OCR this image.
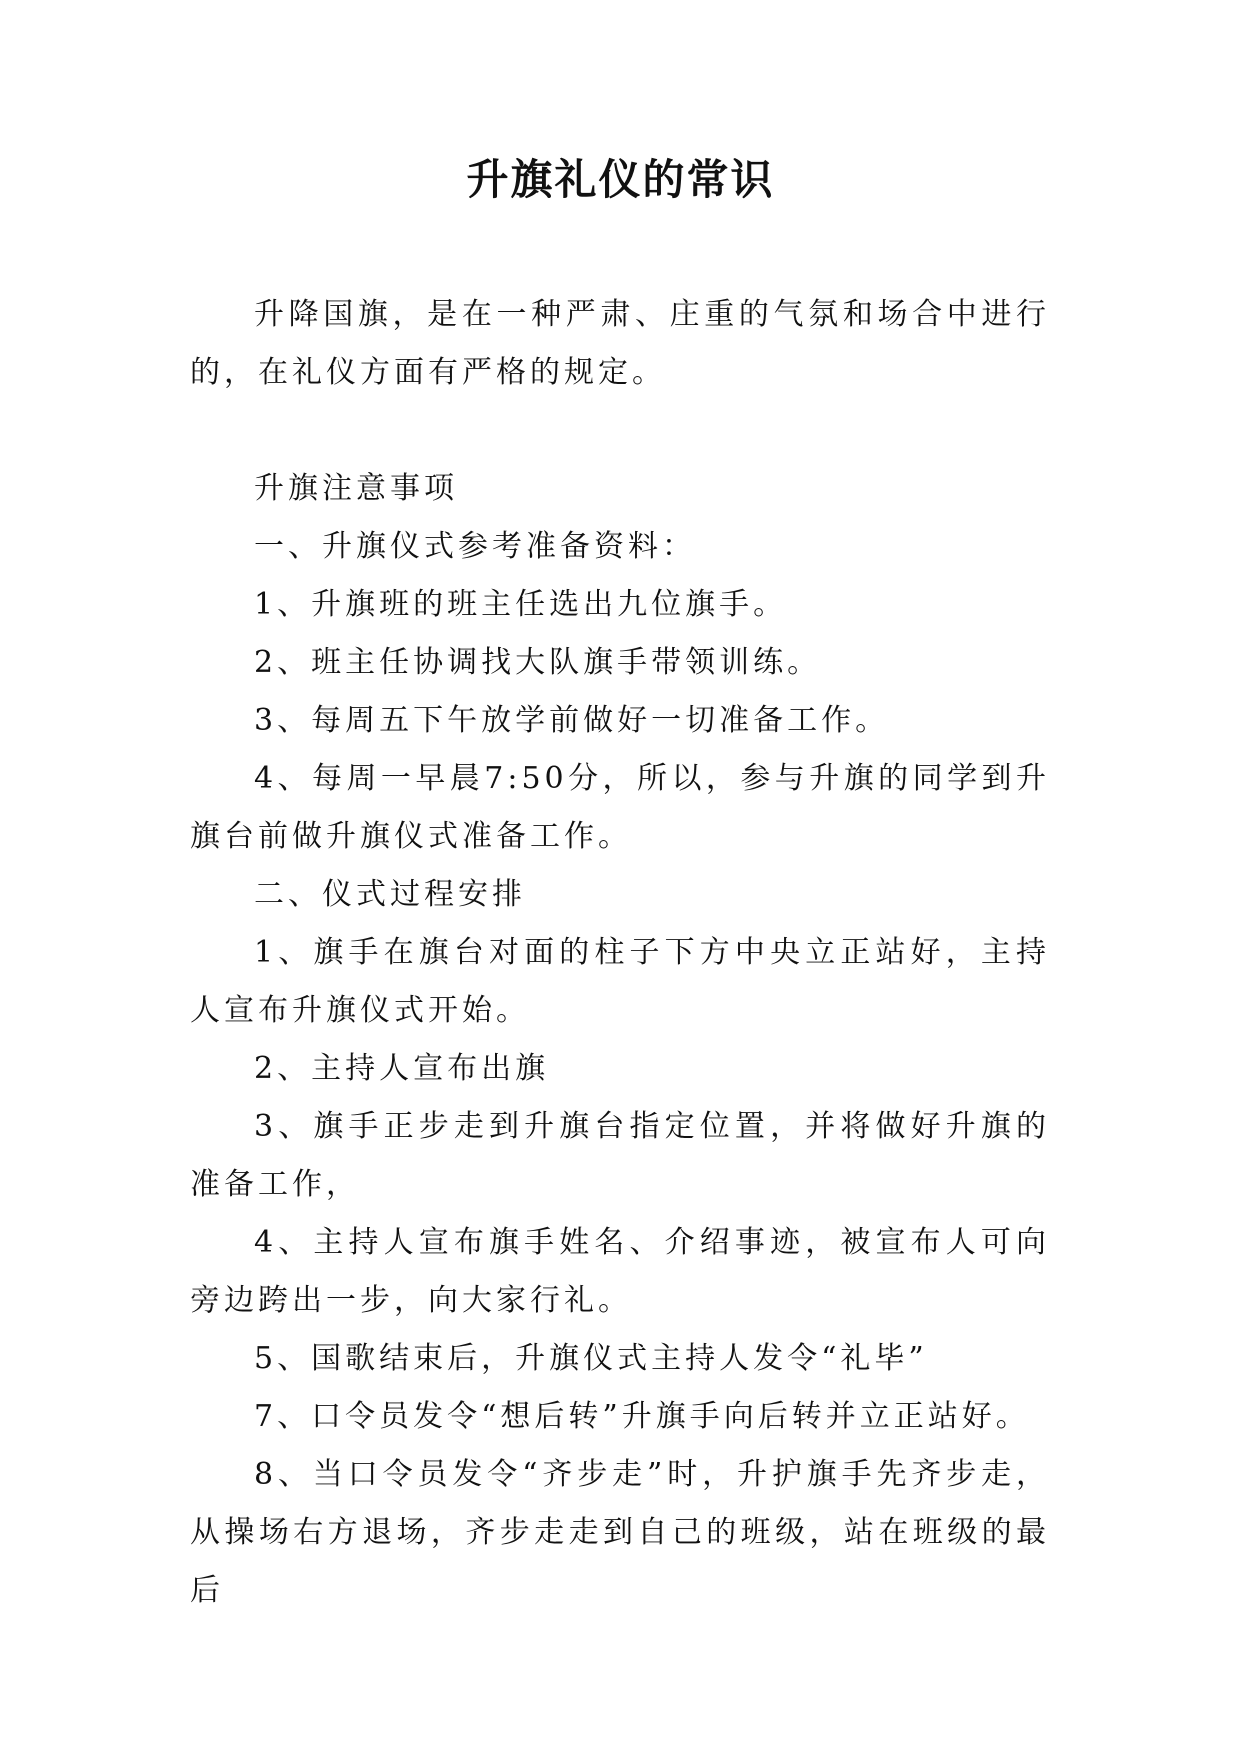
升旗礼仪的常识

升降国旗，是在一种严肃、庄重的气氛和场合中进行的，在礼仪方面有严格的规定。

升旗注意事项

一、升旗仪式参考准备资料：

1、升旗班的班主任选出九位旗手。

2、班主任协调找大队旗手带领训练。

3、每周五下午放学前做好一切准备工作。

4、每周一早晨7:50分，所以，参与升旗的同学到升旗台前做升旗仪式准备工作。

二、仪式过程安排

1、旗手在旗台对面的柱子下方中央立正站好，主持人宣布升旗仪式开始。

2、主持人宣布出旗

3、旗手正步走到升旗台指定位置，并将做好升旗的准备工作，

4、主持人宣布旗手姓名、介绍事迹，被宣布人可向旁边跨出一步，向大家行礼。

5、国歌结束后，升旗仪式主持人发令“礼毕”

7、口令员发令“想后转”升旗手向后转并立正站好。

8、当口令员发令“齐步走”时，升护旗手先齐步走，从操场右方退场，齐步走走到自己的班级，站在班级的最后
